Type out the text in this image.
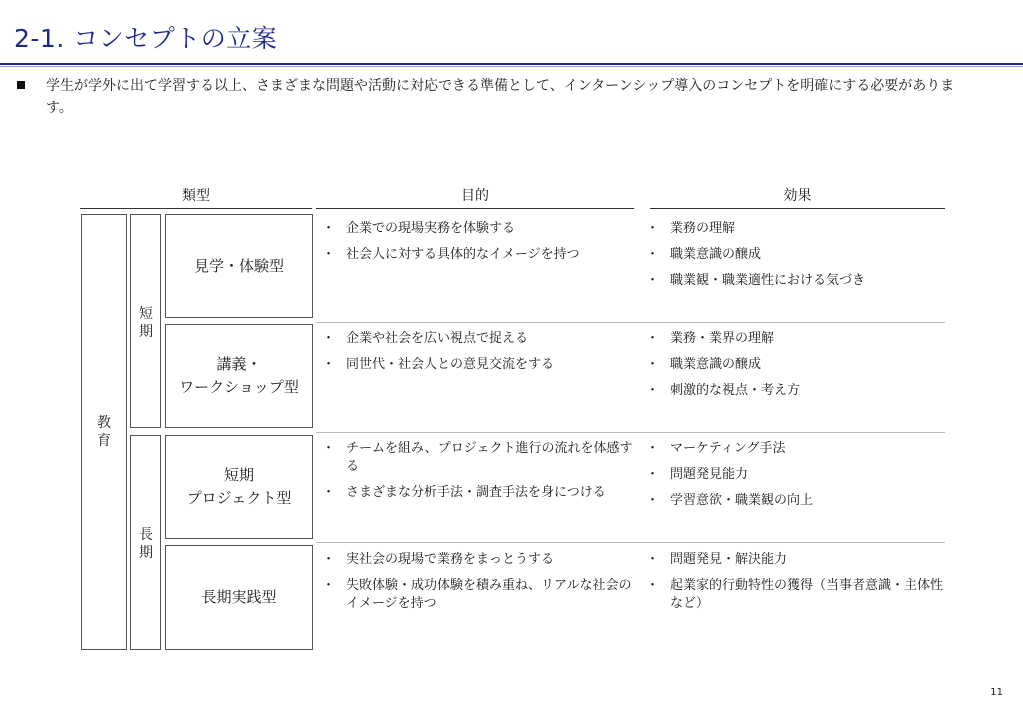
2-1. コンセプトの立案
学生が学外に出て学習する以上、さまざまな問題や活動に対応できる準備として、インターンシップ導入のコンセプトを明確にする必要があります。
類型	目的	効果
教
育
短
期
長
期
見学・体験型
講義・
ワークショップ型
短期
プロジェクト型
長期実践型
・ 企業での現場実務を体験する
・ 社会人に対する具体的なイメージを持つ
・ 企業や社会を広い視点で捉える
・ 同世代・社会人との意見交流をする
・ チームを組み、プロジェクト進行の流れを体感する
・ さまざまな分析手法・調査手法を身につける
・ 実社会の現場で業務をまっとうする
・ 失敗体験・成功体験を積み重ね、リアルな社会のイメージを持つ
・ 業務の理解
・ 職業意識の醸成
・ 職業観・職業適性における気づき
・ 業務・業界の理解
・ 職業意識の醸成
・ 刺激的な視点・考え方
・ マーケティング手法
・ 問題発見能力
・ 学習意欲・職業観の向上
・ 問題発見・解決能力
・ 起業家的行動特性の獲得（当事者意識・主体性など）
11
